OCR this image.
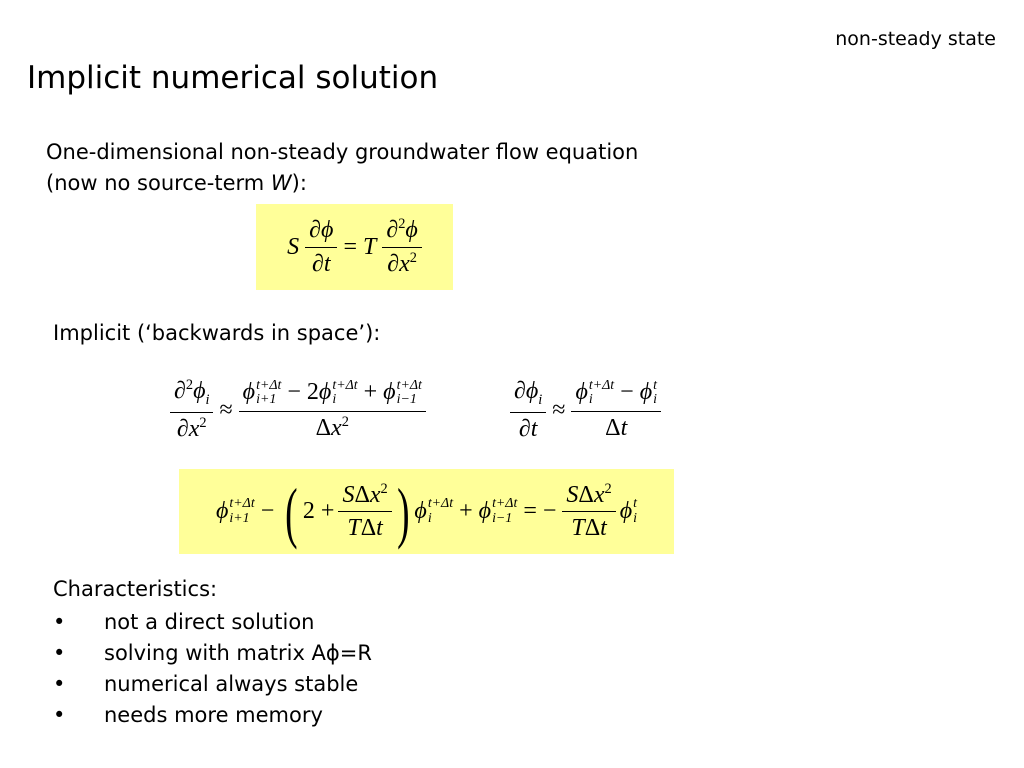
non-steady state
Implicit numerical solution
One-dimensional non-steady groundwater flow equation
(now no source-term W):
S $\frac{\partial\phi}{\partial t} = T \frac{\partial^2\phi}{\partial x^2}$
Implicit (‘backwards in space’):
$\frac{\partial^2\phi_i}{\partial x^2} \approx \phi$ t+Δt
i+1 − 2ϕ t+Δt
i + ϕ t+Δt
i−1
$\Delta x^2$	$\frac{\partial\phi_i}{\partial t} \approx \phi$ t+Δt
i − ϕ t
i
Δt
ϕ t+Δt
i+1 − ( $2 + \frac{S\Delta x^2}{\text{TΔt}}$ ) ϕ t+Δt
i	+ ϕ t+Δt
i−1 = − $\frac{S\Delta x^2}{\text{TΔt}}$ ϕ t
i
Characteristics:
•	not a direct solution
•	solving with matrix Aϕ=R
•	numerical always stable
•	needs more memory
